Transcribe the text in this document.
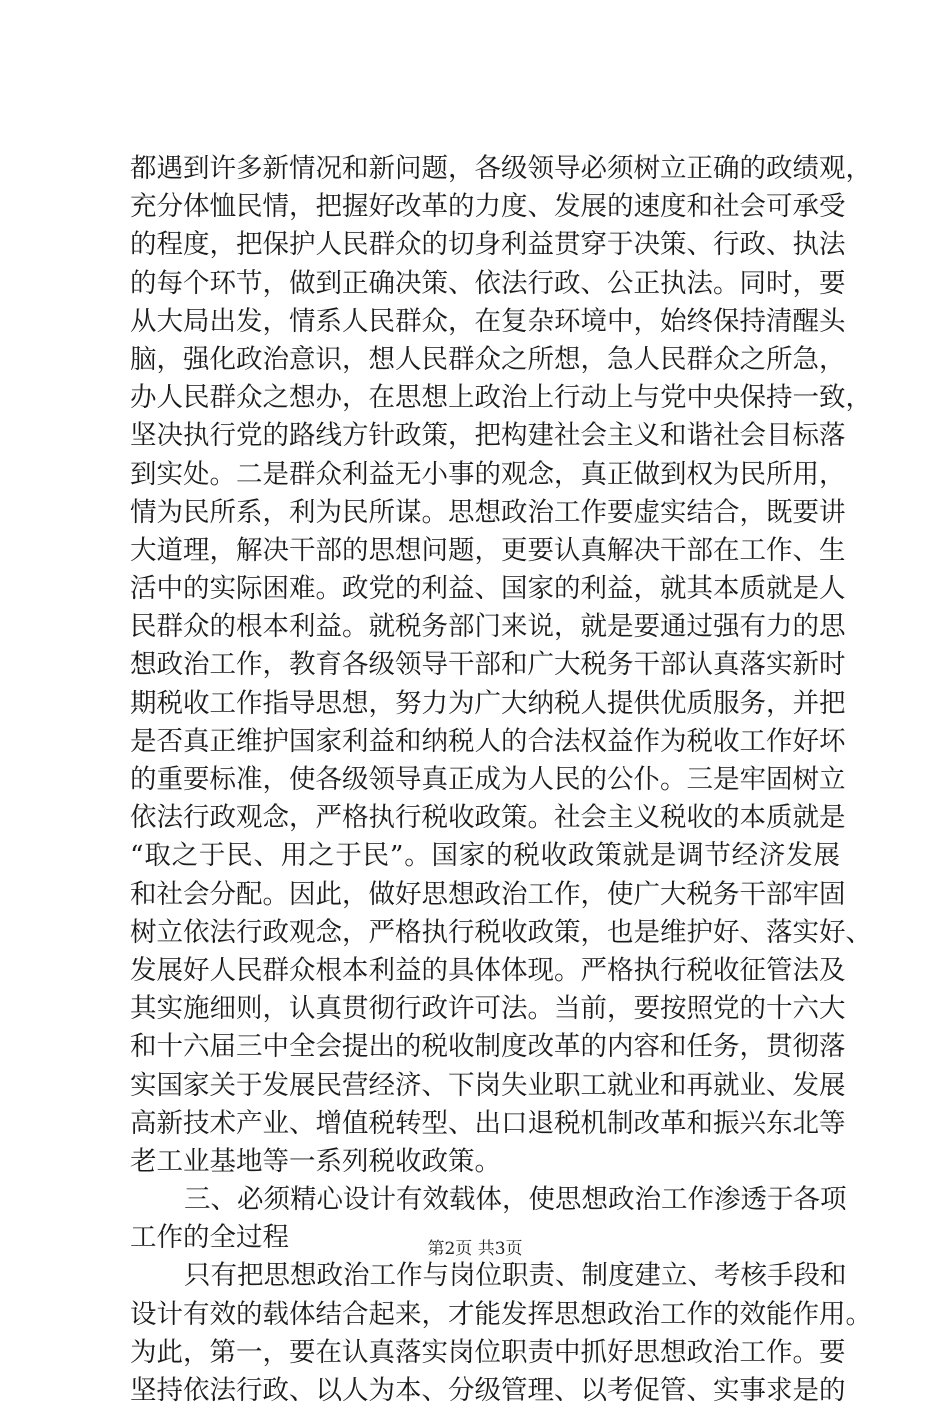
都遇到许多新情况和新问题，各级领导必须树立正确的政绩观，
充分体恤民情，把握好改革的力度、发展的速度和社会可承受
的程度，把保护人民群众的切身利益贯穿于决策、行政、执法
的每个环节，做到正确决策、依法行政、公正执法。同时，要
从大局出发，情系人民群众，在复杂环境中，始终保持清醒头
脑，强化政治意识，想人民群众之所想，急人民群众之所急，
办人民群众之想办，在思想上政治上行动上与党中央保持一致，
坚决执行党的路线方针政策，把构建社会主义和谐社会目标落
到实处。二是群众利益无小事的观念，真正做到权为民所用，
情为民所系，利为民所谋。思想政治工作要虚实结合，既要讲
大道理，解决干部的思想问题，更要认真解决干部在工作、生
活中的实际困难。政党的利益、国家的利益，就其本质就是人
民群众的根本利益。就税务部门来说，就是要通过强有力的思
想政治工作，教育各级领导干部和广大税务干部认真落实新时
期税收工作指导思想，努力为广大纳税人提供优质服务，并把
是否真正维护国家利益和纳税人的合法权益作为税收工作好坏
的重要标准，使各级领导真正成为人民的公仆。三是牢固树立
依法行政观念，严格执行税收政策。社会主义税收的本质就是
“取之于民、用之于民”。国家的税收政策就是调节经济发展
和社会分配。因此，做好思想政治工作，使广大税务干部牢固
树立依法行政观念，严格执行税收政策，也是维护好、落实好、
发展好人民群众根本利益的具体体现。严格执行税收征管法及
其实施细则，认真贯彻行政许可法。当前，要按照党的十六大
和十六届三中全会提出的税收制度改革的内容和任务，贯彻落
实国家关于发展民营经济、下岗失业职工就业和再就业、发展
高新技术产业、增值税转型、出口退税机制改革和振兴东北等
老工业基地等一系列税收政策。
三、必须精心设计有效载体，使思想政治工作渗透于各项
工作的全过程
只有把思想政治工作与岗位职责、制度建立、考核手段和
设计有效的载体结合起来，才能发挥思想政治工作的效能作用。
为此，第一，要在认真落实岗位职责中抓好思想政治工作。要
坚持依法行政、以人为本、分级管理、以考促管、实事求是的
第2页 共3页
